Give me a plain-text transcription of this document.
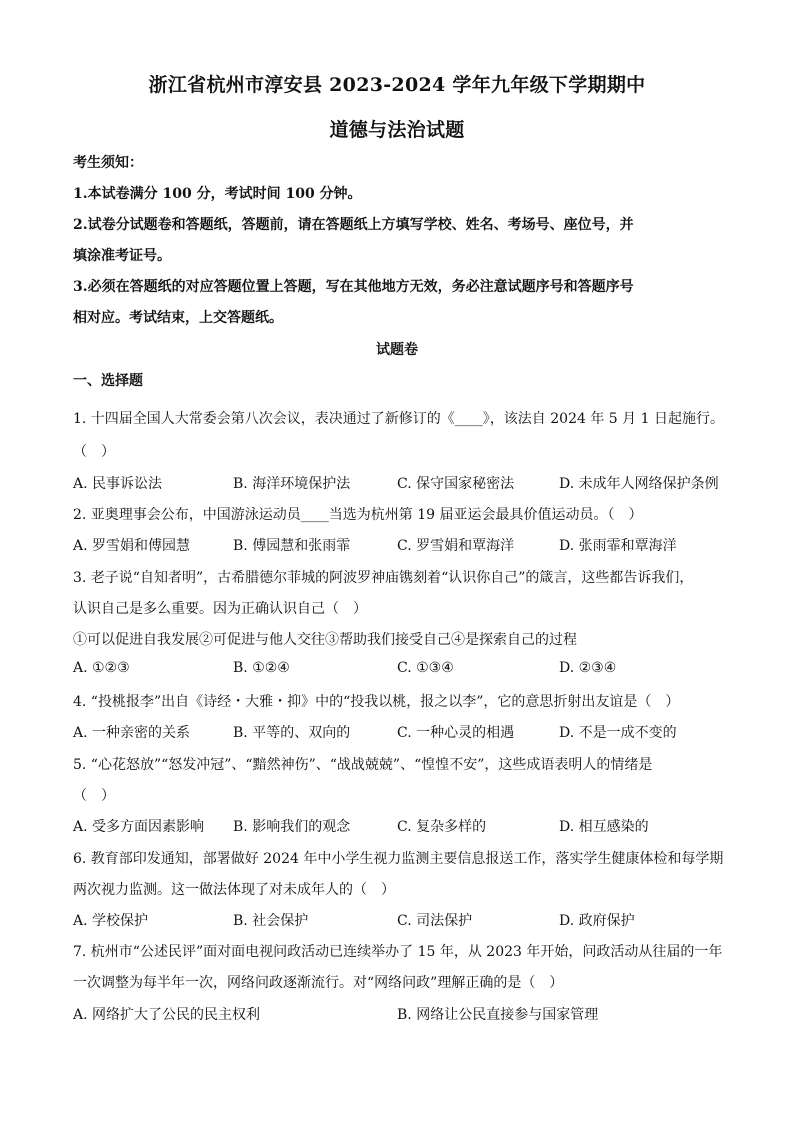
浙江省杭州市淳安县 2023-2024 学年九年级下学期期中
道德与法治试题
考生须知：
1.本试卷满分 100 分，考试时间 100 分钟。
2.试卷分试题卷和答题纸，答题前，请在答题纸上方填写学校、姓名、考场号、座位号，并
填涂准考证号。
3.必须在答题纸的对应答题位置上答题，写在其他地方无效，务必注意试题序号和答题序号
相对应。考试结束，上交答题纸。
试题卷
一、选择题
1. 十四届全国人大常委会第八次会议，表决通过了新修订的《____》，该法自 2024 年 5 月 1 日起施行。
（　）
A. 民事诉讼法	B. 海洋环境保护法	C. 保守国家秘密法	D. 未成年人网络保护条例
2. 亚奥理事会公布，中国游泳运动员____当选为杭州第 19 届亚运会最具价值运动员。（　）
A. 罗雪娟和傅园慧	B. 傅园慧和张雨霏	C. 罗雪娟和覃海洋	D. 张雨霏和覃海洋
3. 老子说“自知者明”，古希腊德尔菲城的阿波罗神庙镌刻着“认识你自己”的箴言，这些都告诉我们，
认识自己是多么重要。因为正确认识自己（　）
①可以促进自我发展②可促进与他人交往③帮助我们接受自己④是探索自己的过程
A. ①②③	B. ①②④	C. ①③④	D. ②③④
4. “投桃报李”出自《诗经・大雅・抑》中的“投我以桃，报之以李”，它的意思折射出友谊是（　）
A. 一种亲密的关系	B. 平等的、双向的	C. 一种心灵的相遇	D. 不是一成不变的
5. “心花怒放”“怒发冲冠”、“黯然神伤”、“战战兢兢”、“惶惶不安”，这些成语表明人的情绪是
（　）
A. 受多方面因素影响 B. 影响我们的观念	C. 复杂多样的	D. 相互感染的
6. 教育部印发通知，部署做好 2024 年中小学生视力监测主要信息报送工作，落实学生健康体检和每学期
两次视力监测。这一做法体现了对未成年人的（　）
A. 学校保护	B. 社会保护	C. 司法保护	D. 政府保护
7. 杭州市“公述民评”面对面电视问政活动已连续举办了 15 年，从 2023 年开始，问政活动从往届的一年
一次调整为每半年一次，网络问政逐渐流行。对“网络问政”理解正确的是（　）
A. 网络扩大了公民的民主权利	B. 网络让公民直接参与国家管理
